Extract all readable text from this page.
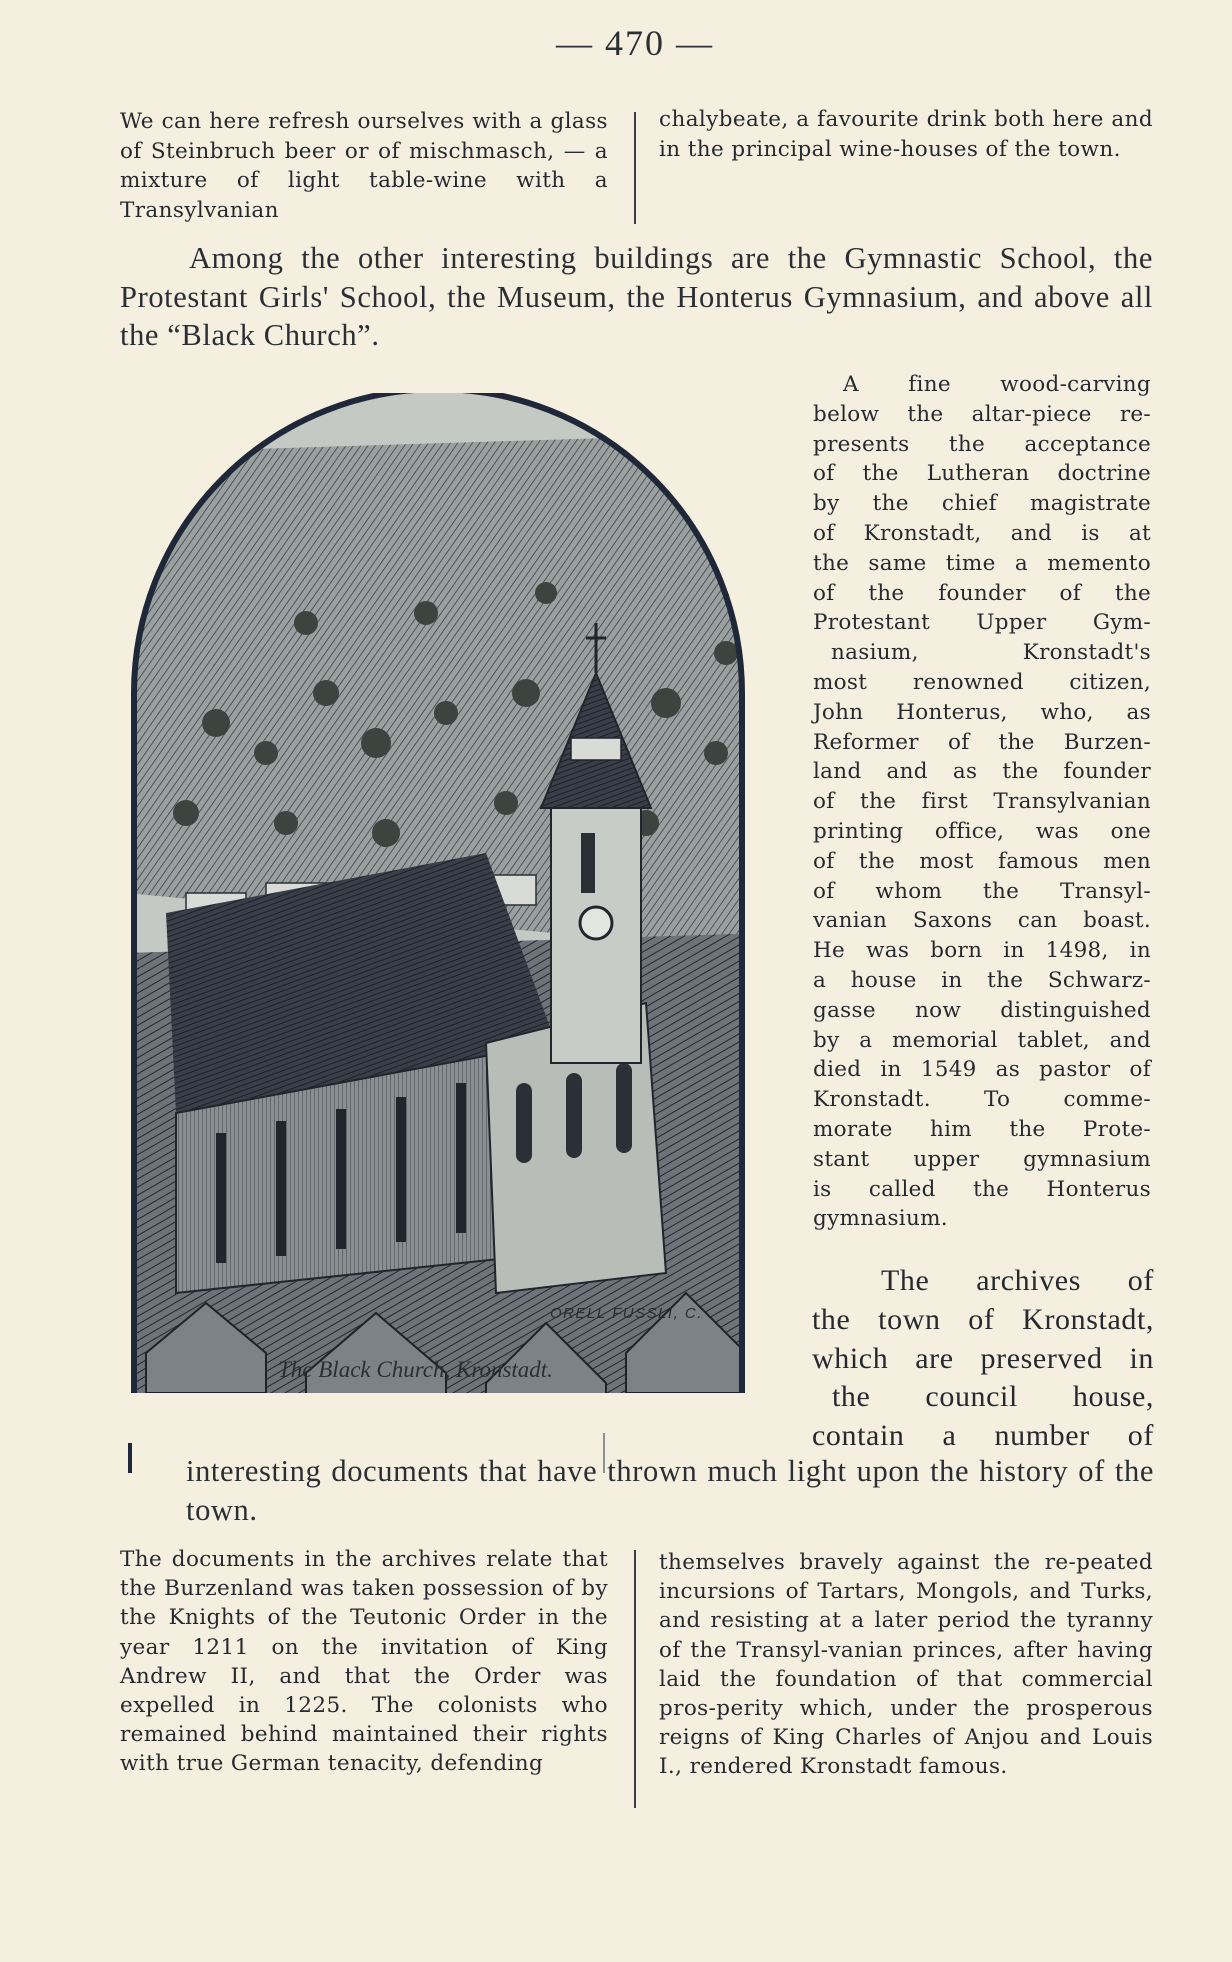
— 470 —
We can here refresh ourselves with a glass of Steinbruch beer or of mischmasch, — a mixture of light table-wine with a Transylvanian
chalybeate, a favourite drink both here and in the principal wine-houses of the town.
Among the other interesting buildings are the Gymnastic School, the Protestant Girls' School, the Museum, the Honterus Gymnasium, and above all the “Black Church”.
ORELL FUSSLI, C.
The Black Church, Kronstadt.

A fine wood-carving

below the altar-piece re-

presents the acceptance

of the Lutheran doctrine

by the chief magistrate

of Kronstadt, and is at

the same time a memento

of the founder of the

Protestant Upper Gym-

nasium, Kronstadt's

most renowned citizen,

John Honterus, who, as

Reformer of the Burzen-

land and as the founder

of the first Transylvanian

printing office, was one

of the most famous men

of whom the Transyl-

vanian Saxons can boast.

He was born in 1498, in

a house in the Schwarz-

gasse now distinguished

by a memorial tablet, and

died in 1549 as pastor of

Kronstadt. To comme-

morate him the Prote-

stant upper gymnasium

is called the Honterus

gymnasium.

The archives of
the town of Kronstadt,
which are preserved in
the council house,
contain a number of
interesting documents that have thrown much light upon the history of the town.
The documents in the archives relate that the Burzenland was taken possession of by the Knights of the Teutonic Order in the year 1211 on the invitation of King Andrew II, and that the Order was expelled in 1225. The colonists who remained behind maintained their rights with true German tenacity, defending
themselves bravely against the re-peated incursions of Tartars, Mongols, and Turks, and resisting at a later period the tyranny of the Transyl-vanian princes, after having laid the foundation of that commercial pros-perity which, under the prosperous reigns of King Charles of Anjou and Louis I., rendered Kronstadt famous.
